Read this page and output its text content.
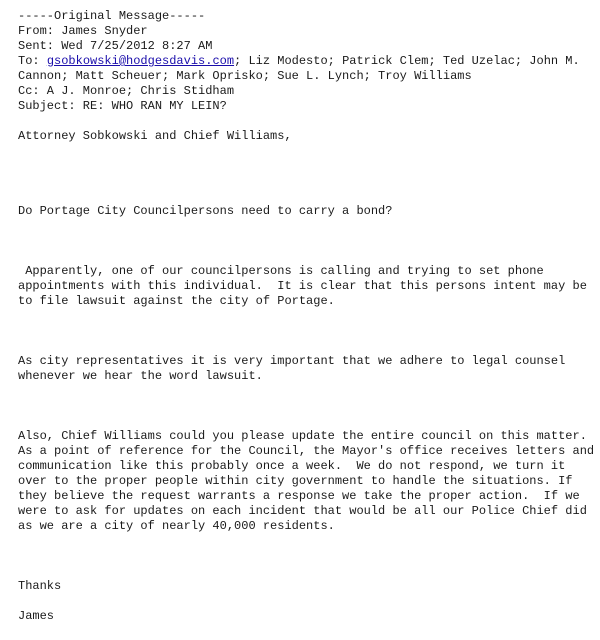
-----Original Message-----
From: James Snyder
Sent: Wed 7/25/2012 8:27 AM
To: gsobkowski@hodgesdavis.com; Liz Modesto; Patrick Clem; Ted Uzelac; John M.
Cannon; Matt Scheuer; Mark Oprisko; Sue L. Lynch; Troy Williams
Cc: A J. Monroe; Chris Stidham
Subject: RE: WHO RAN MY LEIN?
Attorney Sobkowski and Chief Williams,
Do Portage City Councilpersons need to carry a bond?
Apparently, one of our councilpersons is calling and trying to set phone
appointments with this individual.  It is clear that this persons intent may be
to file lawsuit against the city of Portage.
As city representatives it is very important that we adhere to legal counsel
whenever we hear the word lawsuit.
Also, Chief Williams could you please update the entire council on this matter.
As a point of reference for the Council, the Mayor's office receives letters and
communication like this probably once a week.  We do not respond, we turn it
over to the proper people within city government to handle the situations. If
they believe the request warrants a response we take the proper action.  If we
were to ask for updates on each incident that would be all our Police Chief did
as we are a city of nearly 40,000 residents.
Thanks
James
